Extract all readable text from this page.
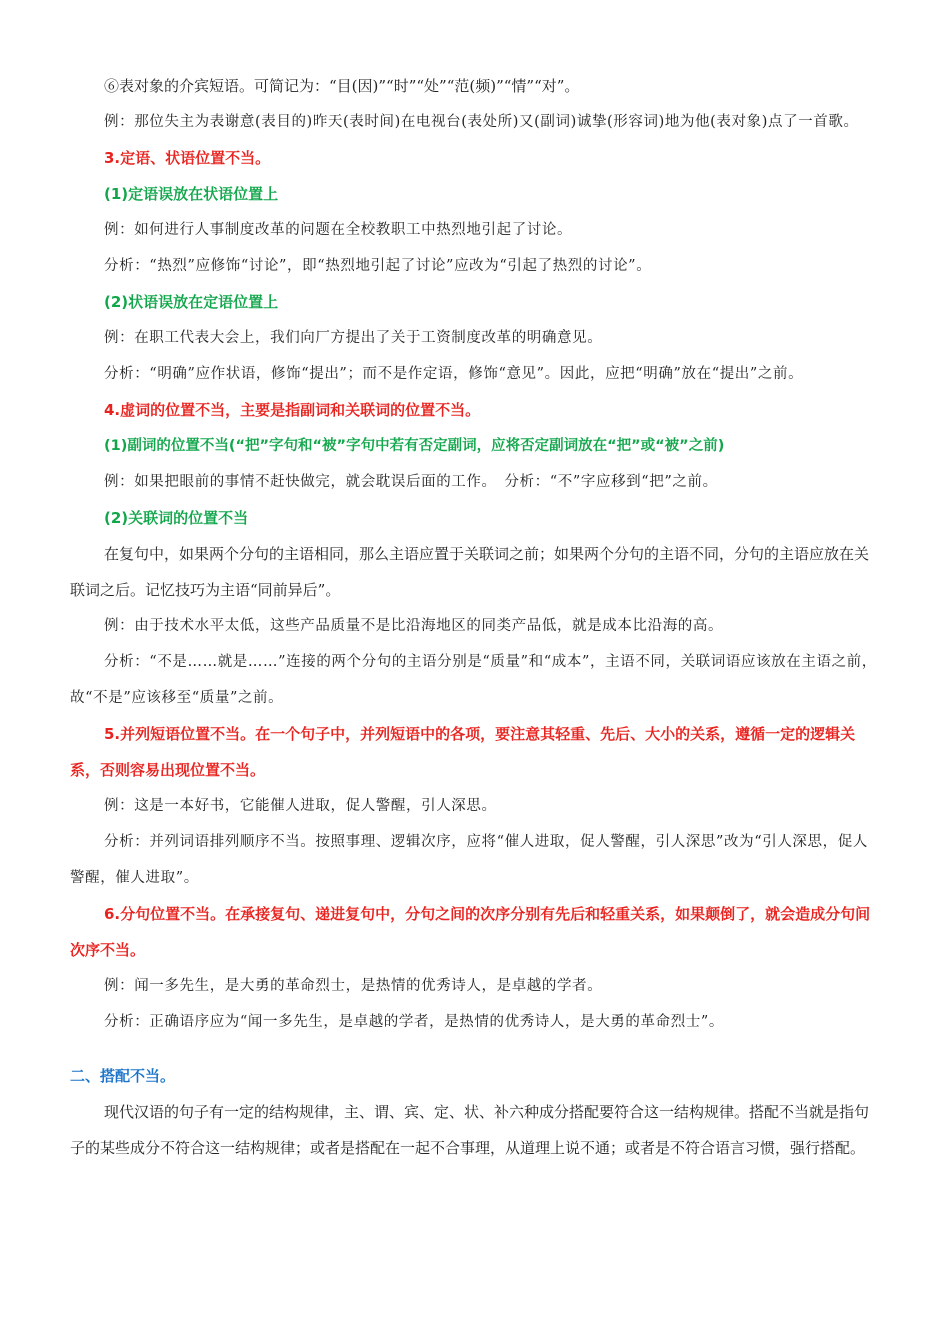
⑥表对象的介宾短语。可简记为：“目(因)”“时”“处”“范(频)”“情”“对”。
例：那位失主为表谢意(表目的)昨天(表时间)在电视台(表处所)又(副词)诚挚(形容词)地为他(表对象)点了一首歌。
3.定语、状语位置不当。
(1)定语误放在状语位置上
例：如何进行人事制度改革的问题在全校教职工中热烈地引起了讨论。
分析：“热烈”应修饰“讨论”，即“热烈地引起了讨论”应改为“引起了热烈的讨论”。
(2)状语误放在定语位置上
例：在职工代表大会上，我们向厂方提出了关于工资制度改革的明确意见。
分析：“明确”应作状语，修饰“提出”；而不是作定语，修饰“意见”。因此，应把“明确”放在“提出”之前。
4.虚词的位置不当，主要是指副词和关联词的位置不当。
(1)副词的位置不当(“把”字句和“被”字句中若有否定副词，应将否定副词放在“把”或“被”之前)
例：如果把眼前的事情不赶快做完，就会耽误后面的工作。　分析：“不”字应移到“把”之前。
(2)关联词的位置不当
在复句中，如果两个分句的主语相同，那么主语应置于关联词之前；如果两个分句的主语不同，分句的主语应放在关联词之后。记忆技巧为主语“同前异后”。
例：由于技术水平太低，这些产品质量不是比沿海地区的同类产品低，就是成本比沿海的高。
分析：“不是……就是……”连接的两个分句的主语分别是“质量”和“成本”，主语不同，关联词语应该放在主语之前，故“不是”应该移至“质量”之前。
5.并列短语位置不当。在一个句子中，并列短语中的各项，要注意其轻重、先后、大小的关系，遵循一定的逻辑关系，否则容易出现位置不当。
例：这是一本好书，它能催人进取，促人警醒，引人深思。
分析：并列词语排列顺序不当。按照事理、逻辑次序，应将“催人进取，促人警醒，引人深思”改为“引人深思，促人警醒，催人进取”。
6.分句位置不当。在承接复句、递进复句中，分句之间的次序分别有先后和轻重关系，如果颠倒了，就会造成分句间次序不当。
例：闻一多先生，是大勇的革命烈士，是热情的优秀诗人，是卓越的学者。
分析：正确语序应为“闻一多先生，是卓越的学者，是热情的优秀诗人，是大勇的革命烈士”。
二、搭配不当。
现代汉语的句子有一定的结构规律，主、谓、宾、定、状、补六种成分搭配要符合这一结构规律。搭配不当就是指句子的某些成分不符合这一结构规律；或者是搭配在一起不合事理，从道理上说不通；或者是不符合语言习惯，强行搭配。
